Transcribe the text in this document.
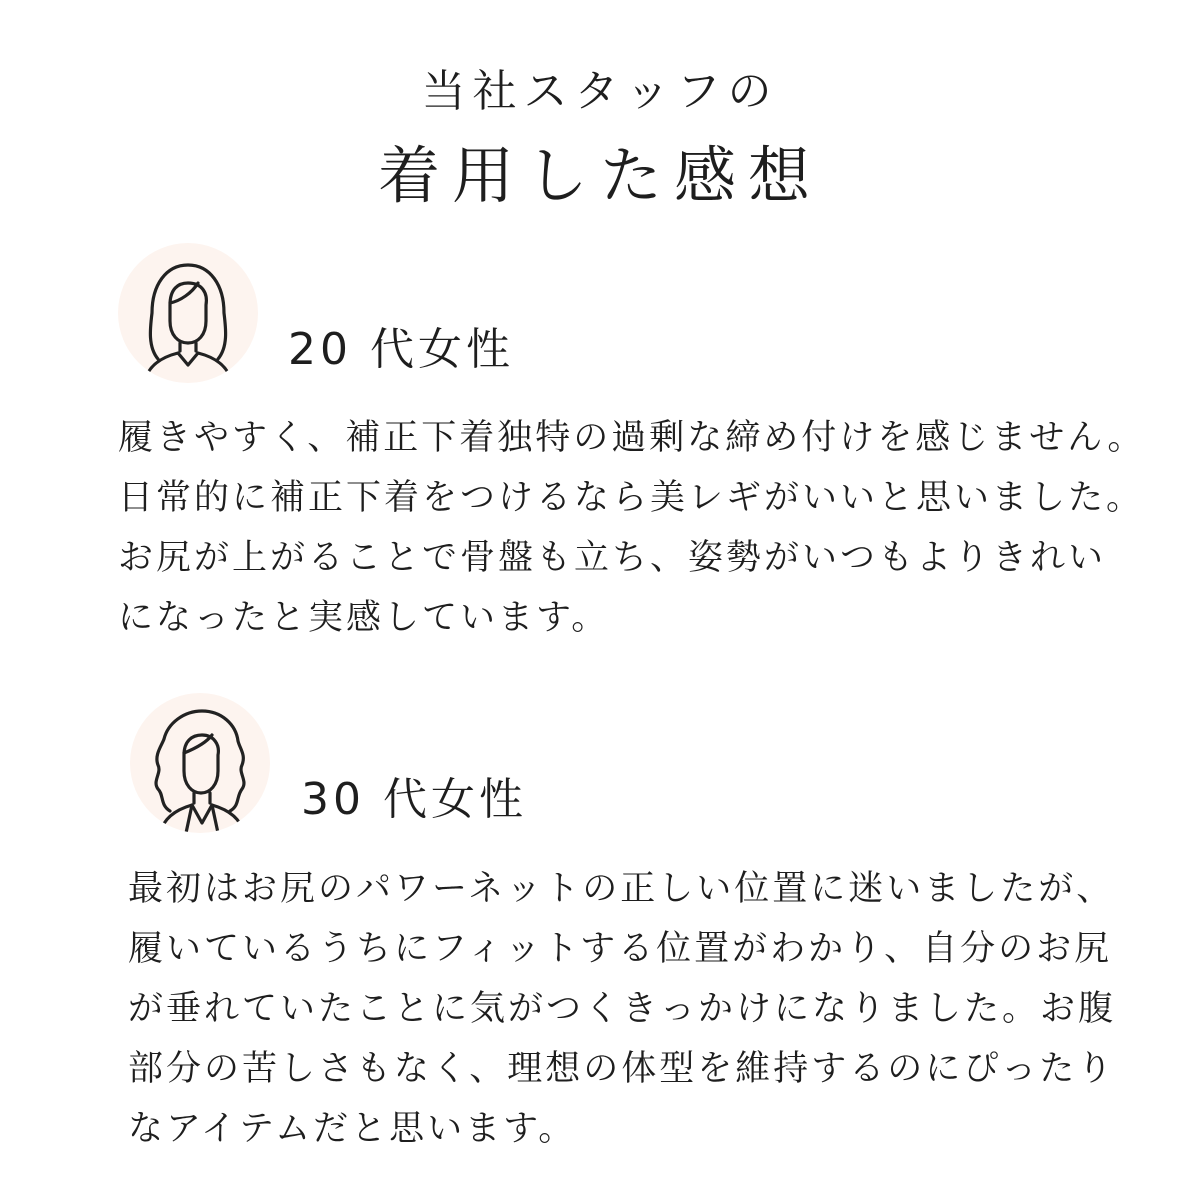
当社スタッフの
着用した感想
20 代女性
履きやすく、補正下着独特の過剰な締め付けを感じません。
日常的に補正下着をつけるなら美レギがいいと思いました。
お尻が上がることで骨盤も立ち、姿勢がいつもよりきれい
になったと実感しています。
30 代女性
最初はお尻のパワーネットの正しい位置に迷いましたが、
履いているうちにフィットする位置がわかり、自分のお尻
が垂れていたことに気がつくきっかけになりました。お腹
部分の苦しさもなく、理想の体型を維持するのにぴったり
なアイテムだと思います。
